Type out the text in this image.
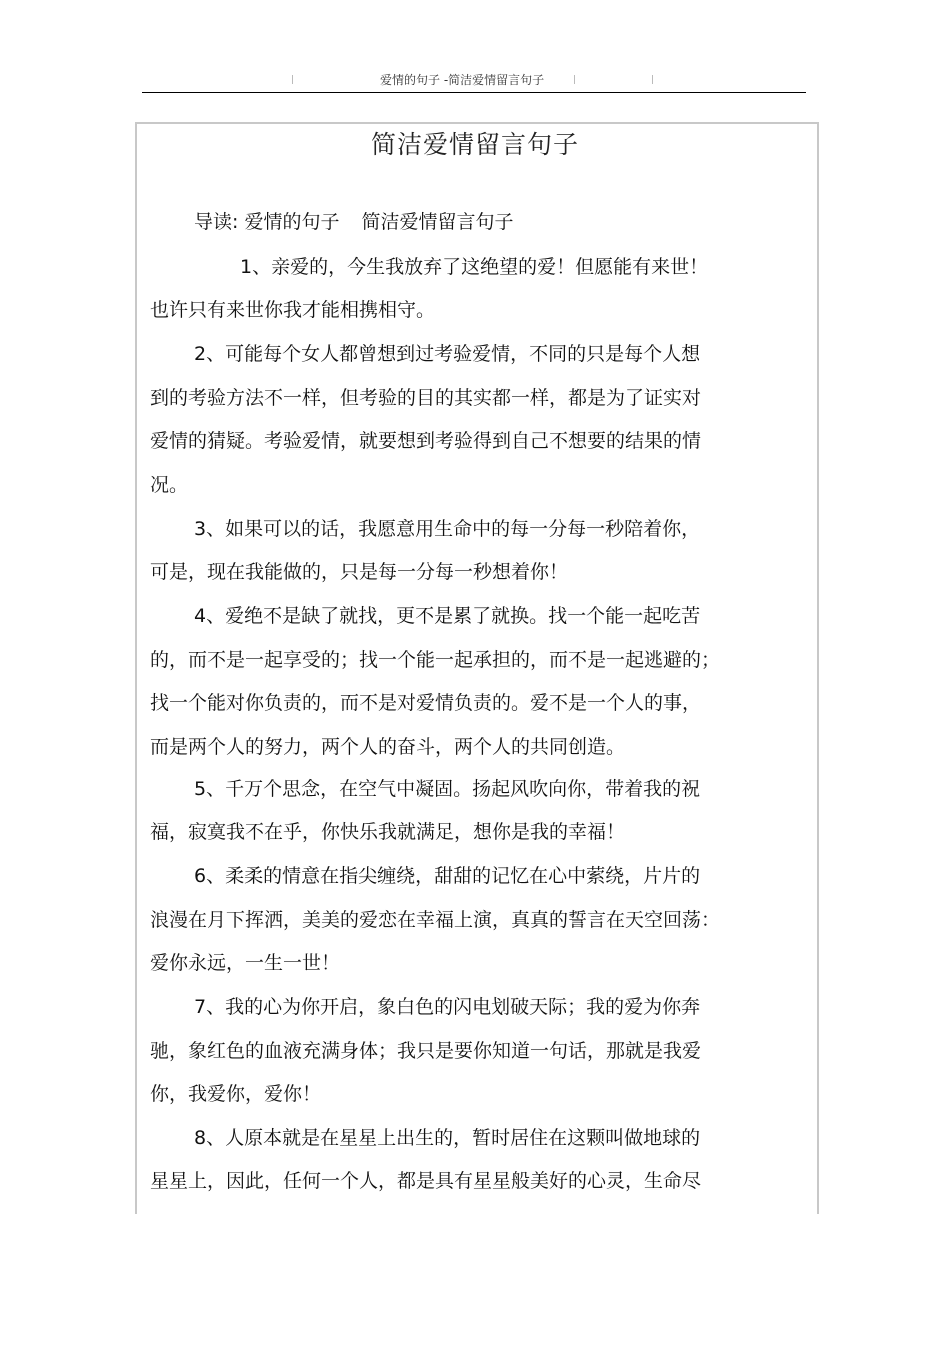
爱情的句子 -简洁爱情留言句子
简洁爱情留言句子
导读: 爱情的句子 简洁爱情留言句子
1、亲爱的，今生我放弃了这绝望的爱！但愿能有来世！
也许只有来世你我才能相携相守。
2、可能每个女人都曾想到过考验爱情，不同的只是每个人想
到的考验方法不一样，但考验的目的其实都一样，都是为了证实对
爱情的猜疑。考验爱情，就要想到考验得到自己不想要的结果的情
况。
3、如果可以的话，我愿意用生命中的每一分每一秒陪着你，
可是，现在我能做的，只是每一分每一秒想着你！
4、爱绝不是缺了就找，更不是累了就换。找一个能一起吃苦
的，而不是一起享受的；找一个能一起承担的，而不是一起逃避的；
找一个能对你负责的，而不是对爱情负责的。爱不是一个人的事，
而是两个人的努力，两个人的奋斗，两个人的共同创造。
5、千万个思念，在空气中凝固。扬起风吹向你，带着我的祝
福，寂寞我不在乎，你快乐我就满足，想你是我的幸福！
6、柔柔的情意在指尖缠绕，甜甜的记忆在心中萦绕，片片的
浪漫在月下挥洒，美美的爱恋在幸福上演，真真的誓言在天空回荡：
爱你永远，一生一世！
7、我的心为你开启，象白色的闪电划破天际；我的爱为你奔
驰，象红色的血液充满身体；我只是要你知道一句话，那就是我爱
你，我爱你，爱你！
8、人原本就是在星星上出生的，暂时居住在这颗叫做地球的
星星上，因此，任何一个人，都是具有星星般美好的心灵，生命尽
